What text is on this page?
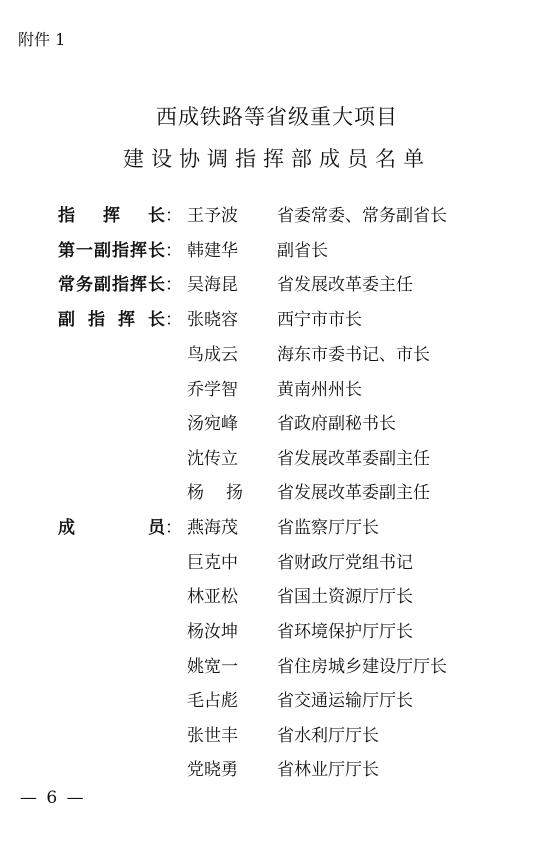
附件 1
西成铁路等省级重大项目
建设协调指挥部成员名单
指 挥 长 ： 王予波 省委常委、常务副省长
第 一 副 指 挥 长 ： 韩建华 副省长
常 务 副 指 挥 长 ： 吴海昆 省发展改革委主任
副 指 挥 长 ： 张晓容 西宁市市长
鸟成云 海东市委书记、市长
乔学智 黄南州州长
汤宛峰 省政府副秘书长
沈传立 省发展改革委副主任
杨 扬 省发展改革委副主任
成	员 ： 燕海茂 省监察厅厅长
巨克中 省财政厅党组书记
林亚松 省国土资源厅厅长
杨汝坤 省环境保护厅厅长
姚宽一 省住房城乡建设厅厅长
毛占彪 省交通运输厅厅长
张世丰 省水利厅厅长
党晓勇 省林业厅厅长
— 6 —
